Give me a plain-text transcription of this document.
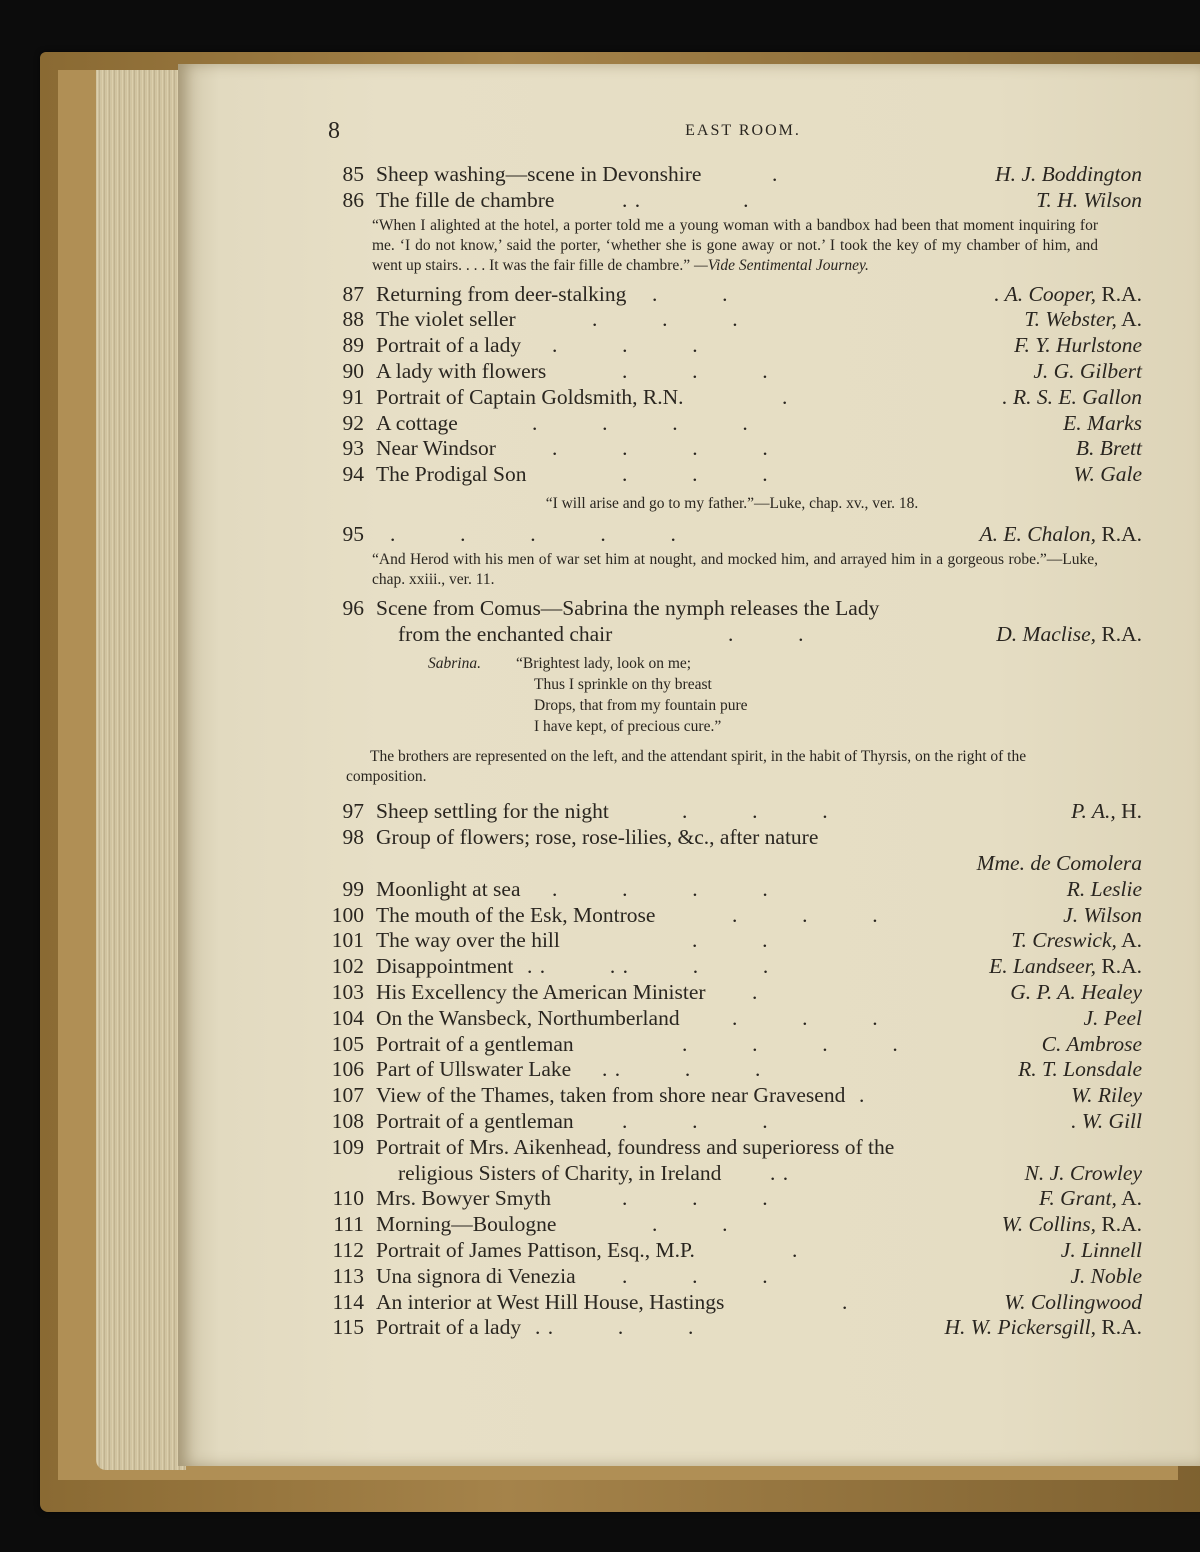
8	EAST ROOM.
85 Sheep washing—scene in Devonshire	.	H. J. Boddington
86 The fille de chambre	. .                .	T. H. Wilson
“When I alighted at the hotel, a porter told me a young woman with a bandbox had been that moment inquiring for me. ‘I do not know,’ said the porter, ‘whether she is gone away or not.’ I took the key of my chamber of him, and went up stairs. . . . It was the fair fille de chambre.” —Vide Sentimental Journey.
87 Returning from deer-stalking .          .	. A. Cooper, R.A.
88 The violet seller	.          .          .	T. Webster, A.
89 Portrait of a lady .          .          .	F. Y. Hurlstone
90 A lady with flowers	.          .          .	J. G. Gilbert
91 Portrait of Captain Goldsmith, R.N.	.	. R. S. E. Gallon
92 A cottage	.          .          .          .	E. Marks
93 Near Windsor	.          .          .          .	B. Brett
94 The Prodigal Son	.          .          .	W. Gale
“I will arise and go to my father.”—Luke, chap. xv., ver. 18.
95 .          .          .          .          .	A. E. Chalon, R.A.
“And Herod with his men of war set him at nought, and mocked him, and arrayed him in a gorgeous robe.”—Luke, chap. xxiii., ver. 11.
96 Scene from Comus—Sabrina the nymph releases the Lady
from the enchanted chair	.          .	D. Maclise, R.A.
Sabrina. “Brightest lady, look on me;
Thus I sprinkle on thy breast
Drops, that from my fountain pure
I have kept, of precious cure.”
The brothers are represented on the left, and the attendant spirit, in the habit of Thyrsis, on the right of the composition.
97 Sheep settling for the night	.          .          .	P. A., H.
98 Group of flowers; rose, rose-lilies, &c., after nature
Mme. de Comolera
99 Moonlight at sea .          .          .          .	R. Leslie
100 The mouth of the Esk, Montrose	.          .          .	J. Wilson
101 The way over the hill	.          .	T. Creswick, A.
102 Disappointment . .          . .          .          .	E. Landseer, R.A.
103 His Excellency the American Minister .	G. P. A. Healey
104 On the Wansbeck, Northumberland .          .          .	J. Peel
105 Portrait of a gentleman	.          .          .          .	C. Ambrose
106 Part of Ullswater Lake . .          .          .	R. T. Lonsdale
107 View of the Thames, taken from shore near Gravesend .	W. Riley
108 Portrait of a gentleman .          .          .	. W. Gill
109 Portrait of Mrs. Aikenhead, foundress and superioress of the
religious Sisters of Charity, in Ireland . .	N. J. Crowley
110 Mrs. Bowyer Smyth	.          .          .	F. Grant, A.
111 Morning—Boulogne	.          .	W. Collins, R.A.
112 Portrait of James Pattison, Esq., M.P.	.	J. Linnell
113 Una signora di Venezia .          .          .	J. Noble
114 An interior at West Hill House, Hastings	.	W. Collingwood
115 Portrait of a lady . .          .          .	H. W. Pickersgill, R.A.
